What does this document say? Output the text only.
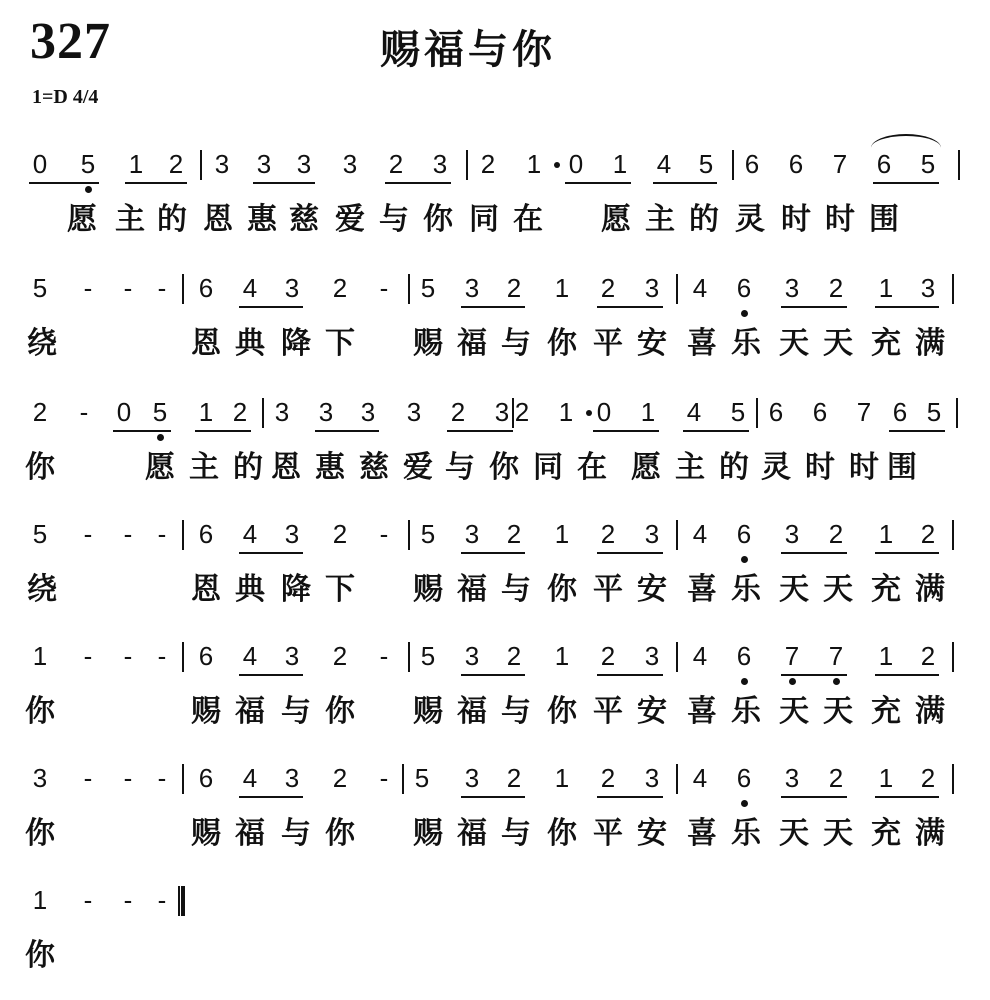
327	赐福与你
1=D 4/4
0 5 1 2 3 3 3 3 2 3 2 1 0 1 4 5 6 6 7 6 5
愿 主 的 恩 惠 慈 爱 与 你 同 在 愿 主 的 灵 时 时 围
5	-	- -	6 4 3 2	-	5 3 2 1 2 3 4 6 3 2 1 3
绕	恩 典 降 下 赐 福 与 你 平 安 喜 乐 天 天 充 满
2	-	0 5 1 2 3 3 3 3 2 3 2 1 0 1 4 5 6 6 7 6 5
你	愿 主 的 恩 惠 慈 爱 与 你 同 在 愿 主 的 灵 时 时 围
5	-	- -	6 4 3 2	-	5 3 2 1 2 3 4 6 3 2 1 2
绕	恩 典 降 下 赐 福 与 你 平 安 喜 乐 天 天 充 满
1	-	- -	6 4 3 2	-	5 3 2 1 2 3 4 6 7 7 1 2
你	赐 福 与 你 赐 福 与 你 平 安 喜 乐 天 天 充 满
3	-	- -	6 4 3 2	-	5 3 2 1 2 3 4 6 3 2 1 2
你	赐 福 与 你 赐 福 与 你 平 安 喜 乐 天 天 充 满
1	-	- -
你
